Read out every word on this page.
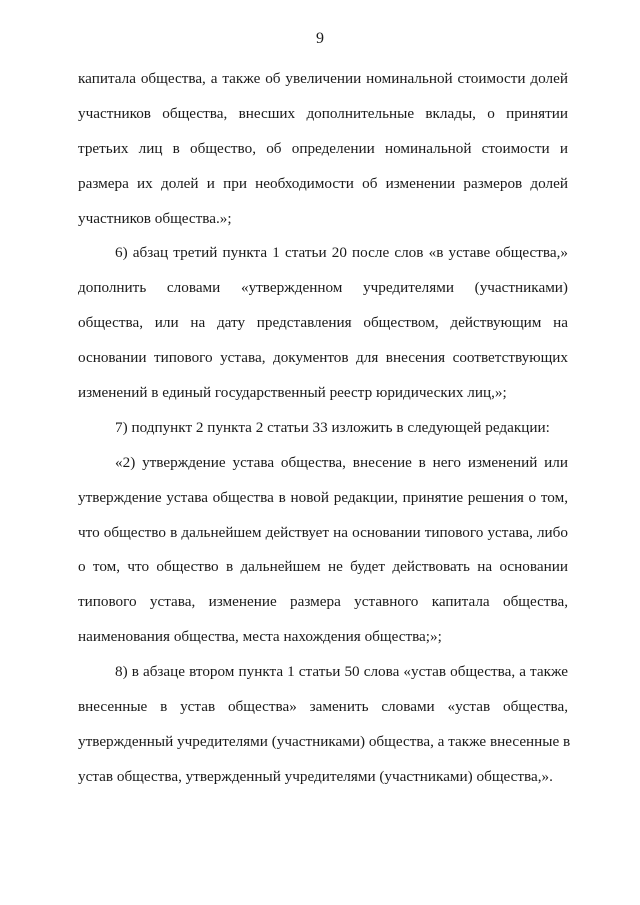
9
капитала общества, а также об увеличении номинальной стоимости долей
участников общества, внесших дополнительные вклады, о принятии
третьих лиц в общество, об определении номинальной стоимости и
размера их долей и при необходимости об изменении размеров долей
участников общества.»;
6) абзац третий пункта 1 статьи 20 после слов «в уставе общества,»
дополнить словами «утвержденном учредителями (участниками)
общества, или на дату представления обществом, действующим на
основании типового устава, документов для внесения соответствующих
изменений в единый государственный реестр юридических лиц,»;
7) подпункт 2 пункта 2 статьи 33 изложить в следующей редакции:
«2) утверждение устава общества, внесение в него изменений или
утверждение устава общества в новой редакции, принятие решения о том,
что общество в дальнейшем действует на основании типового устава, либо
о том, что общество в дальнейшем не будет действовать на основании
типового устава, изменение размера уставного капитала общества,
наименования общества, места нахождения общества;»;
8) в абзаце втором пункта 1 статьи 50 слова «устав общества, а также
внесенные в устав общества» заменить словами «устав общества,
утвержденный учредителями (участниками) общества, а также внесенные в
устав общества, утвержденный учредителями (участниками) общества,».
